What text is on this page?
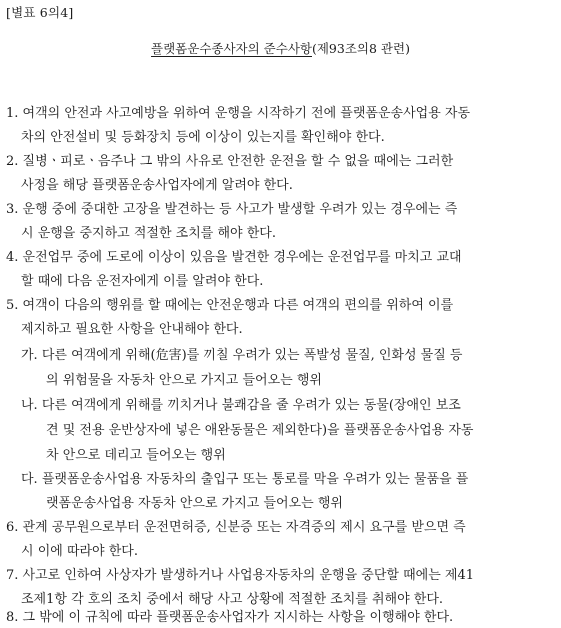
[별표 6의4]
플랫폼운수종사자의 준수사항(제93조의8 관련)
1. 여객의 안전과 사고예방을 위하여 운행을 시작하기 전에 플랫폼운송사업용 자동
차의 안전설비 및 등화장치 등에 이상이 있는지를 확인해야 한다.
2. 질병ㆍ피로ㆍ음주나 그 밖의 사유로 안전한 운전을 할 수 없을 때에는 그러한
사정을 해당 플랫폼운송사업자에게 알려야 한다.
3. 운행 중에 중대한 고장을 발견하는 등 사고가 발생할 우려가 있는 경우에는 즉
시 운행을 중지하고 적절한 조치를 해야 한다.
4. 운전업무 중에 도로에 이상이 있음을 발견한 경우에는 운전업무를 마치고 교대
할 때에 다음 운전자에게 이를 알려야 한다.
5. 여객이 다음의 행위를 할 때에는 안전운행과 다른 여객의 편의를 위하여 이를
제지하고 필요한 사항을 안내해야 한다.
가. 다른 여객에게 위해(危害)를 끼칠 우려가 있는 폭발성 물질, 인화성 물질 등
의 위험물을 자동차 안으로 가지고 들어오는 행위
나. 다른 여객에게 위해를 끼치거나 불쾌감을 줄 우려가 있는 동물(장애인 보조
견 및 전용 운반상자에 넣은 애완동물은 제외한다)을 플랫폼운송사업용 자동
차 안으로 데리고 들어오는 행위
다. 플랫폼운송사업용 자동차의 출입구 또는 통로를 막을 우려가 있는 물품을 플
랫폼운송사업용 자동차 안으로 가지고 들어오는 행위
6. 관계 공무원으로부터 운전면허증, 신분증 또는 자격증의 제시 요구를 받으면 즉
시 이에 따라야 한다.
7. 사고로 인하여 사상자가 발생하거나 사업용자동차의 운행을 중단할 때에는 제41
조제1항 각 호의 조치 중에서 해당 사고 상황에 적절한 조치를 취해야 한다.
8. 그 밖에 이 규칙에 따라 플랫폼운송사업자가 지시하는 사항을 이행해야 한다.
